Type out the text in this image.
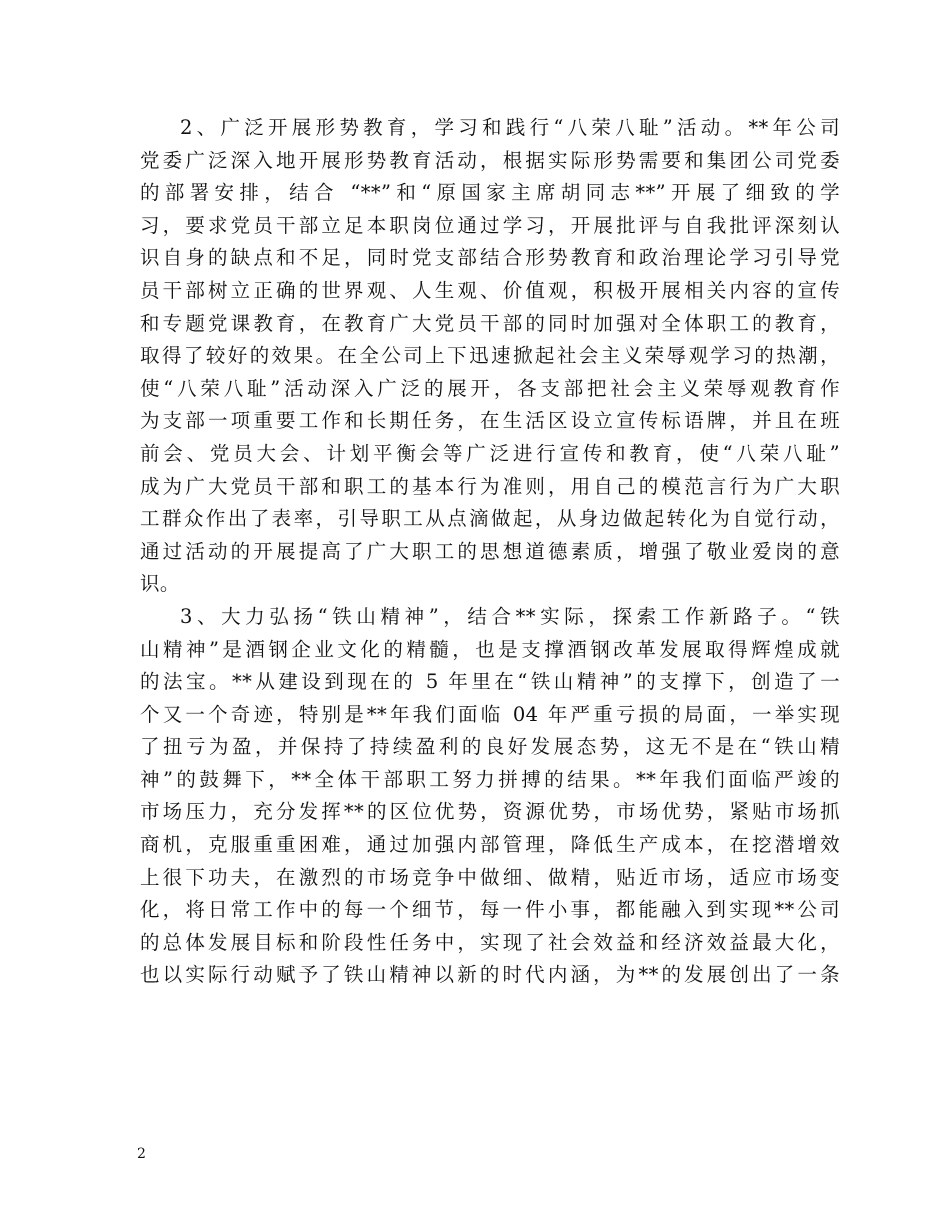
2、广泛开展形势教育，学习和践行“八荣八耻”活动。**年公司
党委广泛深入地开展形势教育活动，根据实际形势需要和集团公司党委
的部署安排，结合 “**”和“原国家主席胡同志**”开展了细致的学
习，要求党员干部立足本职岗位通过学习，开展批评与自我批评深刻认
识自身的缺点和不足，同时党支部结合形势教育和政治理论学习引导党
员干部树立正确的世界观、人生观、价值观，积极开展相关内容的宣传
和专题党课教育，在教育广大党员干部的同时加强对全体职工的教育，
取得了较好的效果。在全公司上下迅速掀起社会主义荣辱观学习的热潮，
使“八荣八耻”活动深入广泛的展开，各支部把社会主义荣辱观教育作
为支部一项重要工作和长期任务，在生活区设立宣传标语牌，并且在班
前会、党员大会、计划平衡会等广泛进行宣传和教育，使“八荣八耻”
成为广大党员干部和职工的基本行为准则，用自己的模范言行为广大职
工群众作出了表率，引导职工从点滴做起，从身边做起转化为自觉行动，
通过活动的开展提高了广大职工的思想道德素质，增强了敬业爱岗的意
识。
3、大力弘扬“铁山精神”，结合**实际，探索工作新路子。“铁
山精神”是酒钢企业文化的精髓，也是支撑酒钢改革发展取得辉煌成就
的法宝。**从建设到现在的 5 年里在“铁山精神”的支撑下，创造了一
个又一个奇迹，特别是**年我们面临 04 年严重亏损的局面，一举实现
了扭亏为盈，并保持了持续盈利的良好发展态势，这无不是在“铁山精
神”的鼓舞下，**全体干部职工努力拼搏的结果。**年我们面临严竣的
市场压力，充分发挥**的区位优势，资源优势，市场优势，紧贴市场抓
商机，克服重重困难，通过加强内部管理，降低生产成本，在挖潜增效
上很下功夫，在激烈的市场竞争中做细、做精，贴近市场，适应市场变
化，将日常工作中的每一个细节，每一件小事，都能融入到实现**公司
的总体发展目标和阶段性任务中，实现了社会效益和经济效益最大化，
也以实际行动赋予了铁山精神以新的时代内涵，为**的发展创出了一条
2
